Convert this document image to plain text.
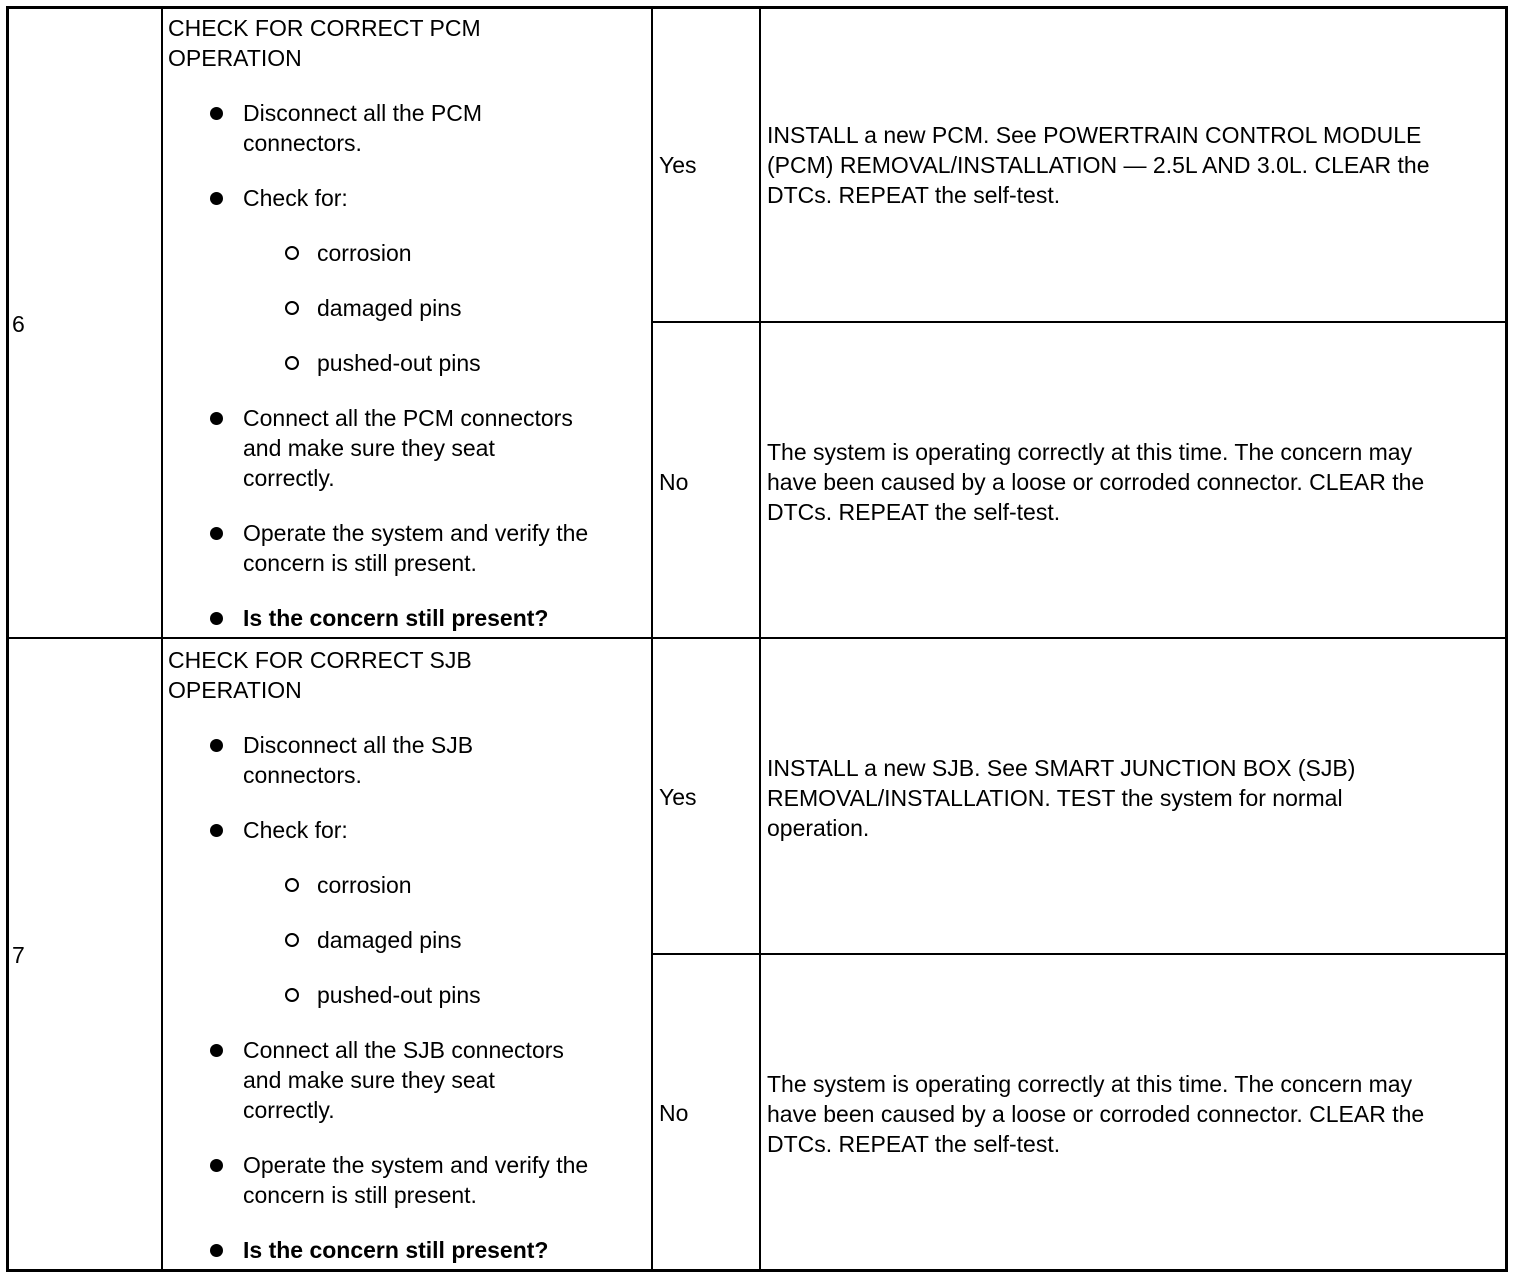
6
CHECK FOR CORRECT PCM
OPERATION
Disconnect all the PCM
connectors.
Check for:
corrosion
damaged pins
pushed-out pins
Connect all the PCM connectors
and make sure they seat
correctly.
Operate the system and verify the
concern is still present.
Is the concern still present?
Yes
INSTALL a new PCM. See POWERTRAIN CONTROL MODULE
(PCM) REMOVAL/INSTALLATION — 2.5L AND 3.0L. CLEAR the
DTCs. REPEAT the self-test.
No
The system is operating correctly at this time. The concern may
have been caused by a loose or corroded connector. CLEAR the
DTCs. REPEAT the self-test.
7
CHECK FOR CORRECT SJB
OPERATION
Disconnect all the SJB
connectors.
Check for:
corrosion
damaged pins
pushed-out pins
Connect all the SJB connectors
and make sure they seat
correctly.
Operate the system and verify the
concern is still present.
Is the concern still present?
Yes
INSTALL a new SJB. See SMART JUNCTION BOX (SJB)
REMOVAL/INSTALLATION. TEST the system for normal
operation.
No
The system is operating correctly at this time. The concern may
have been caused by a loose or corroded connector. CLEAR the
DTCs. REPEAT the self-test.
